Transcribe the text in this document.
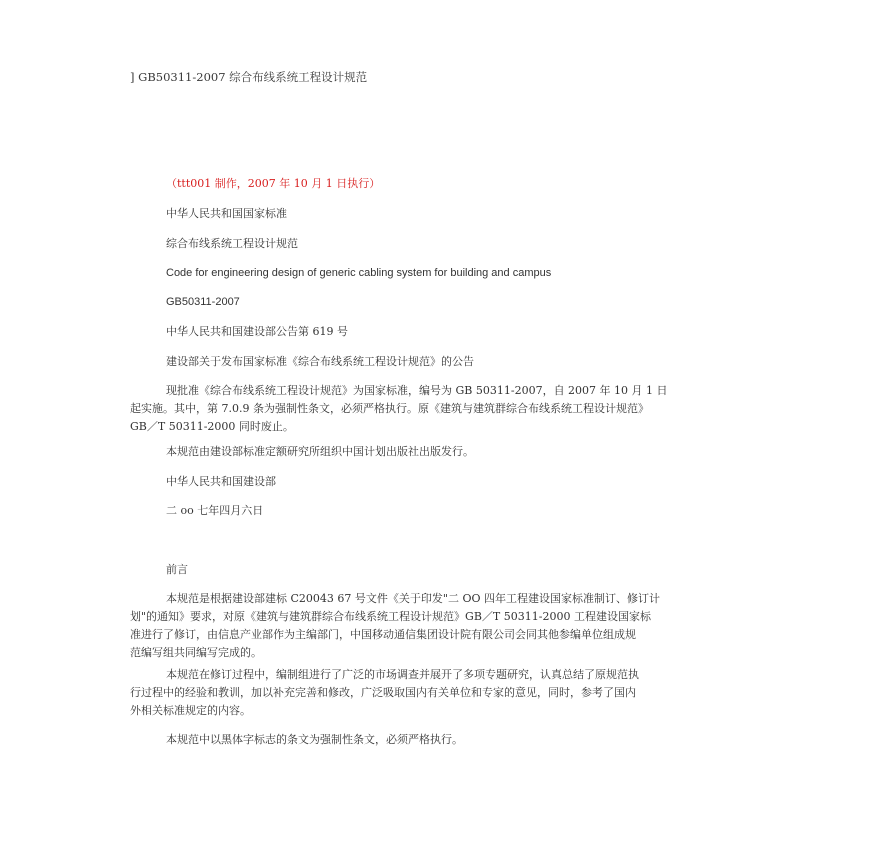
] GB50311-2007 综合布线系统工程设计规范
（ttt001 制作，2007 年 10 月 1 日执行）
中华人民共和国国家标准
综合布线系统工程设计规范
Code for engineering design of generic cabling system for building and campus
GB50311-2007
中华人民共和国建设部公告第 619 号
建设部关于发布国家标准《综合布线系统工程设计规范》的公告
现批准《综合布线系统工程设计规范》为国家标准，编号为 GB 50311-2007，自 2007 年 10 月 1 日
起实施。其中，第 7.0.9 条为强制性条文，必须严格执行。原《建筑与建筑群综合布线系统工程设计规范》
GB／T 50311-2000 同时废止。
本规范由建设部标准定额研究所组织中国计划出版社出版发行。
中华人民共和国建设部
二 oo 七年四月六日
前言
本规范是根据建设部建标 C20043 67 号文件《关于印发"二 OO 四年工程建设国家标准制订、修订计
划"的通知》要求，对原《建筑与建筑群综合布线系统工程设计规范》GB／T 50311-2000 工程建设国家标
准进行了修订，由信息产业部作为主编部门，中国移动通信集团设计院有限公司会同其他参编单位组成规
范编写组共同编写完成的。
本规范在修订过程中，编制组进行了广泛的市场调查并展开了多项专题研究，认真总结了原规范执
行过程中的经验和教训，加以补充完善和修改，广泛吸取国内有关单位和专家的意见，同时，参考了国内
外相关标准规定的内容。
本规范中以黑体字标志的条文为强制性条文，必须严格执行。
